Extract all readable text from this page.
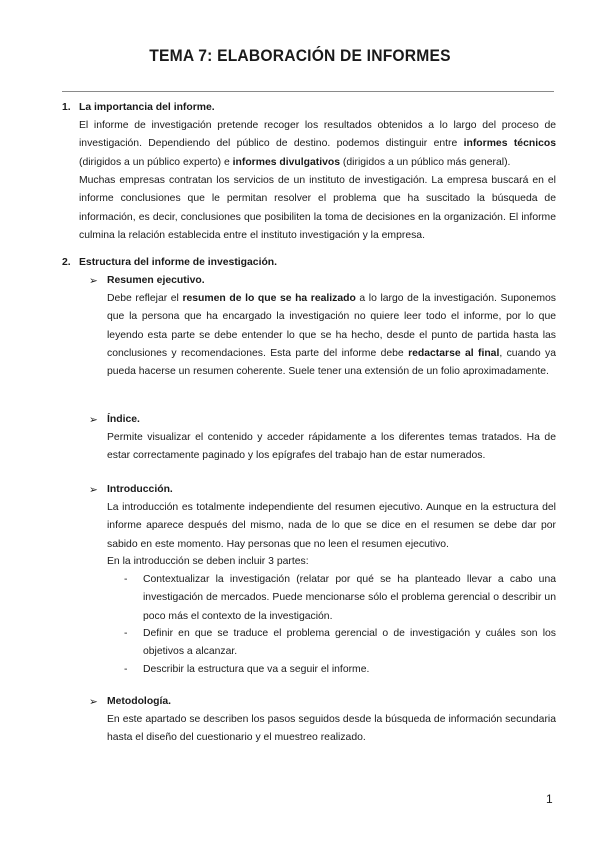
TEMA 7: ELABORACIÓN DE INFORMES
1. La importancia del informe.
El informe de investigación pretende recoger los resultados obtenidos a lo largo del proceso de investigación. Dependiendo del público de destino. podemos distinguir entre informes técnicos (dirigidos a un público experto) e informes divulgativos (dirigidos a un público más general).
Muchas empresas contratan los servicios de un instituto de investigación. La empresa buscará en el informe conclusiones que le permitan resolver el problema que ha suscitado la búsqueda de información, es decir, conclusiones que posibiliten la toma de decisiones en la organización. El informe culmina la relación establecida entre el instituto investigación y la empresa.
2. Estructura del informe de investigación.
➢ Resumen ejecutivo.
Debe reflejar el resumen de lo que se ha realizado a lo largo de la investigación. Suponemos que la persona que ha encargado la investigación no quiere leer todo el informe, por lo que leyendo esta parte se debe entender lo que se ha hecho, desde el punto de partida hasta las conclusiones y recomendaciones. Esta parte del informe debe redactarse al final, cuando ya pueda hacerse un resumen coherente. Suele tener una extensión de un folio aproximadamente.
➢ Índice.
Permite visualizar el contenido y acceder rápidamente a los diferentes temas tratados. Ha de estar correctamente paginado y los epígrafes del trabajo han de estar numerados.
➢ Introducción.
La introducción es totalmente independiente del resumen ejecutivo. Aunque en la estructura del informe aparece después del mismo, nada de lo que se dice en el resumen se debe dar por sabido en este momento. Hay personas que no leen el resumen ejecutivo.
En la introducción se deben incluir 3 partes:
- Contextualizar la investigación (relatar por qué se ha planteado llevar a cabo una investigación de mercados. Puede mencionarse sólo el problema gerencial o describir un poco más el contexto de la investigación.
- Definir en que se traduce el problema gerencial o de investigación y cuáles son los objetivos a alcanzar.
- Describir la estructura que va a seguir el informe.
➢ Metodología.
En este apartado se describen los pasos seguidos desde la búsqueda de información secundaria hasta el diseño del cuestionario y el muestreo realizado.
1
